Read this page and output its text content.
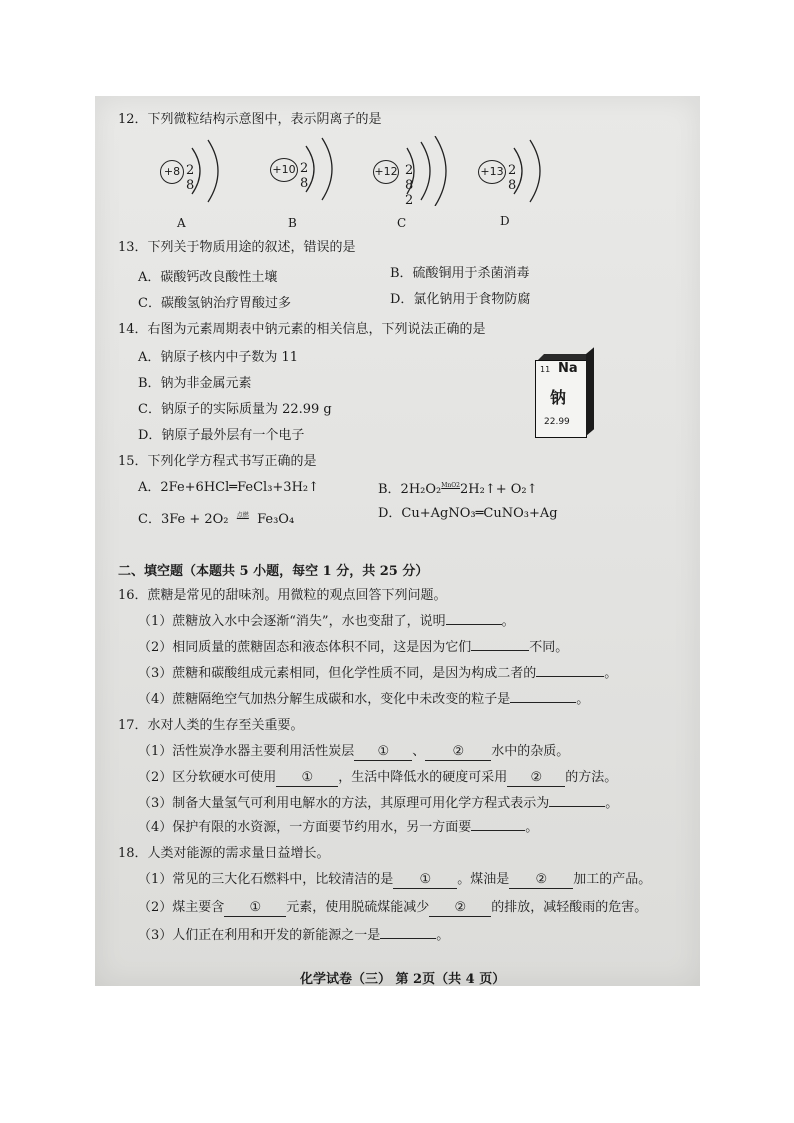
12．下列微粒结构示意图中，表示阴离子的是
+8 2 8
A
+10 2 8
B
+12 2 8 2
C
+13 2 8
D
13．下列关于物质用途的叙述，错误的是
A．碳酸钙改良酸性土壤	B．硫酸铜用于杀菌消毒
C．碳酸氢钠治疗胃酸过多	D．氯化钠用于食物防腐
14．右图为元素周期表中钠元素的相关信息，下列说法正确的是
A．钠原子核内中子数为 11
B．钠为非金属元素
C．钠原子的实际质量为 22.99 g
D．钠原子最外层有一个电子
11 Na
钠
22.99
15．下列化学方程式书写正确的是
A．2Fe+6HCl═FeCl₃+3H₂↑	B．2H₂O₂$^{MnO2}$2H₂↑+ O₂↑
C．3Fe + 2O₂ $^{点燃}$ Fe₃O₄	D．Cu+AgNO₃═CuNO₃+Ag
二、填空题（本题共 5 小题，每空 1 分，共 25 分）
16．蔗糖是常见的甜味剂。用微粒的观点回答下列问题。
（1）蔗糖放入水中会逐渐“消失”，水也变甜了，说明	。
（2）相同质量的蔗糖固态和液态体积不同，这是因为它们	不同。
（3）蔗糖和碳酸组成元素相同，但化学性质不同，是因为构成二者的	。
（4）蔗糖隔绝空气加热分解生成碳和水，变化中未改变的粒子是	。
17．水对人类的生存至关重要。
（1）活性炭净水器主要利用活性炭层 ① 、 ② 水中的杂质。
（2）区分软硬水可使用 ① ，生活中降低水的硬度可采用 ② 的方法。
（3）制备大量氢气可利用电解水的方法，其原理可用化学方程式表示为	。
（4）保护有限的水资源，一方面要节约用水，另一方面要	。
18．人类对能源的需求量日益增长。
（1）常见的三大化石燃料中，比较清洁的是 ① 。煤油是 ② 加工的产品。
（2）煤主要含 ① 元素，使用脱硫煤能减少 ② 的排放，减轻酸雨的危害。
（3）人们正在利用和开发的新能源之一是	。
化学试卷（三） 第 2页（共 4 页）
